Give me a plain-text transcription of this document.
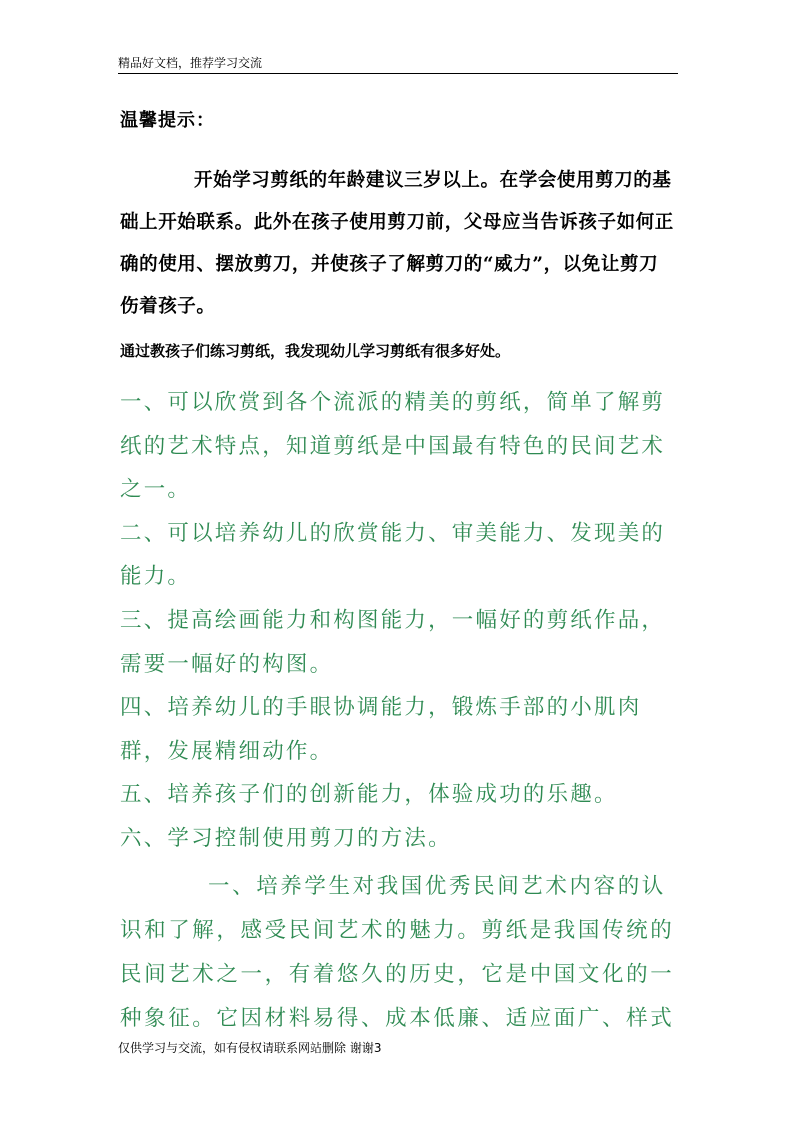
精品好文档，推荐学习交流
温馨提示：

开始学习剪纸的年龄建议三岁以上。在学会使用剪刀的基础上开始联系。此外在孩子使用剪刀前，父母应当告诉孩子如何正确的使用、摆放剪刀，并使孩子了解剪刀的“威力”，以免让剪刀伤着孩子。

通过教孩子们练习剪纸，我发现幼儿学习剪纸有很多好处。

一、可以欣赏到各个流派的精美的剪纸，简单了解剪纸的艺术特点，知道剪纸是中国最有特色的民间艺术之一。
二、可以培养幼儿的欣赏能力、审美能力、发现美的能力。
三、提高绘画能力和构图能力，一幅好的剪纸作品，需要一幅好的构图。
四、培养幼儿的手眼协调能力，锻炼手部的小肌肉群，发展精细动作。
五、培养孩子们的创新能力，体验成功的乐趣。
六、学习控制使用剪刀的方法。

一、培养学生对我国优秀民间艺术内容的认识和了解，感受民间艺术的魅力。剪纸是我国传统的民间艺术之一，有着悠久的历史，它是中国文化的一种象征。它因材料易得、成本低廉、适应面广、样式

仅供学习与交流，如有侵权请联系网站删除 谢谢3
